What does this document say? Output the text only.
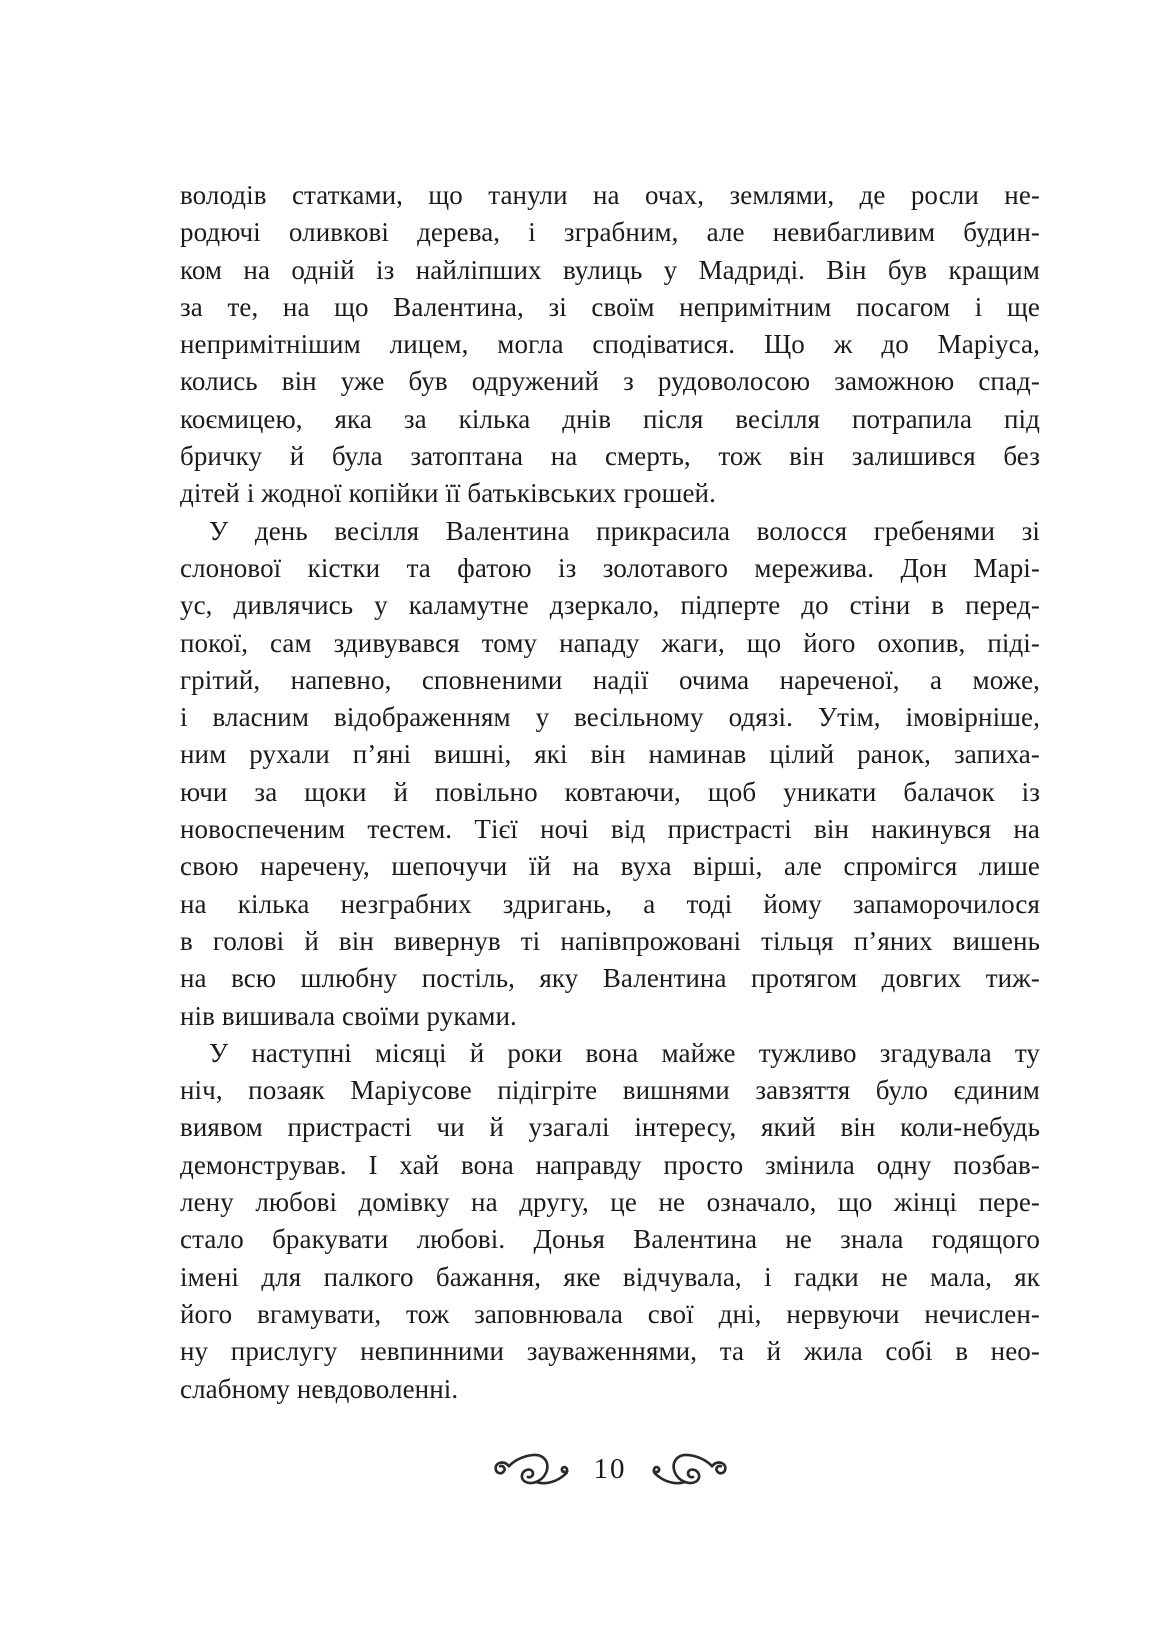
володів статками, що танули на очах, землями, де росли не-
родючі оливкові дерева, і зграбним, але невибагливим будин-
ком на одній із найліпших вулиць у Мадриді. Він був кращим
за те, на що Валентина, зі своїм непримітним посагом і ще
непримітнішим лицем, могла сподіватися. Що ж до Маріуса,
колись він уже був одружений з рудоволосою заможною спад-
коємицею, яка за кілька днів після весілля потрапила під
бричку й була затоптана на смерть, тож він залишився без
дітей і жодної копійки її батьківських грошей.

У день весілля Валентина прикрасила волосся гребенями зі
слонової кістки та фатою із золотавого мережива. Дон Марі-
ус, дивлячись у каламутне дзеркало, підперте до стіни в перед-
покої, сам здивувався тому нападу жаги, що його охопив, піді-
грітий, напевно, сповненими надії очима нареченої, а може,
і власним відображенням у весільному одязі. Утім, імовірніше,
ним рухали п’яні вишні, які він наминав цілий ранок, запиха-
ючи за щоки й повільно ковтаючи, щоб уникати балачок із
новоспеченим тестем. Тієї ночі від пристрасті він накинувся на
свою наречену, шепочучи їй на вуха вірші, але спромігся лише
на кілька незграбних здригань, а тоді йому запаморочилося
в голові й він вивернув ті напівпрожовані тільця п’яних вишень
на всю шлюбну постіль, яку Валентина протягом довгих тиж-
нів вишивала своїми руками.

У наступні місяці й роки вона майже тужливо згадувала ту
ніч, позаяк Маріусове підігріте вишнями завзяття було єдиним
виявом пристрасті чи й узагалі інтересу, який він коли-небудь
демонстрував. І хай вона направду просто змінила одну позбав-
лену любові домівку на другу, це не означало, що жінці пере-
стало бракувати любові. Донья Валентина не знала годящого
імені для палкого бажання, яке відчувала, і гадки не мала, як
його вгамувати, тож заповнювала свої дні, нервуючи нечислен-
ну прислугу невпинними зауваженнями, та й жила собі в нео-
слабному невдоволенні.

10
